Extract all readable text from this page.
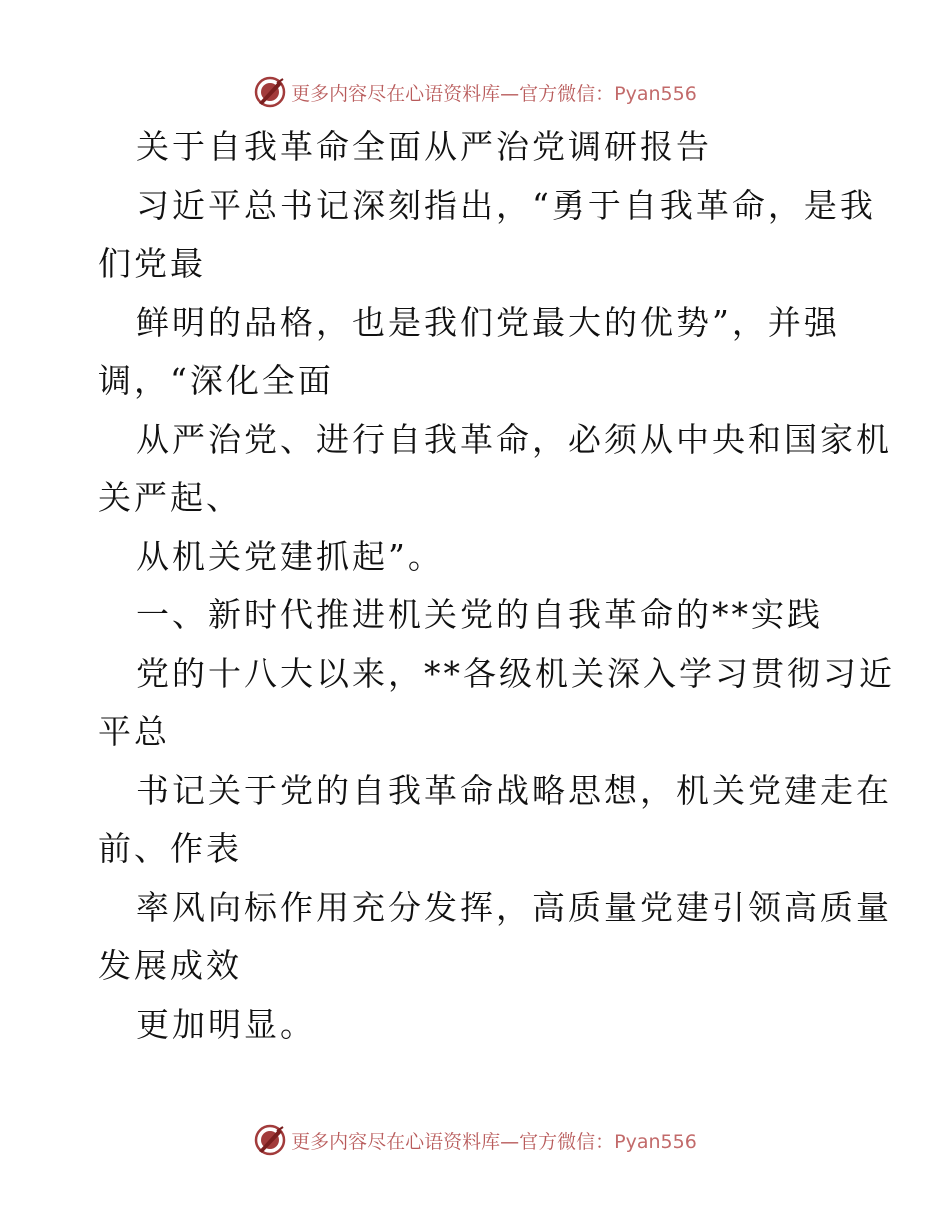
更多内容尽在心语资料库—官方微信：Pyan556
关于自我革命全面从严治党调研报告
习近平总书记深刻指出，“勇于自我革命，是我
们党最
鲜明的品格，也是我们党最大的优势”，并强
调，“深化全面
从严治党、进行自我革命，必须从中央和国家机
关严起、
从机关党建抓起”。
一、新时代推进机关党的自我革命的**实践
党的十八大以来，**各级机关深入学习贯彻习近
平总
书记关于党的自我革命战略思想，机关党建走在
前、作表
率风向标作用充分发挥，高质量党建引领高质量
发展成效
更加明显。
更多内容尽在心语资料库—官方微信：Pyan556
